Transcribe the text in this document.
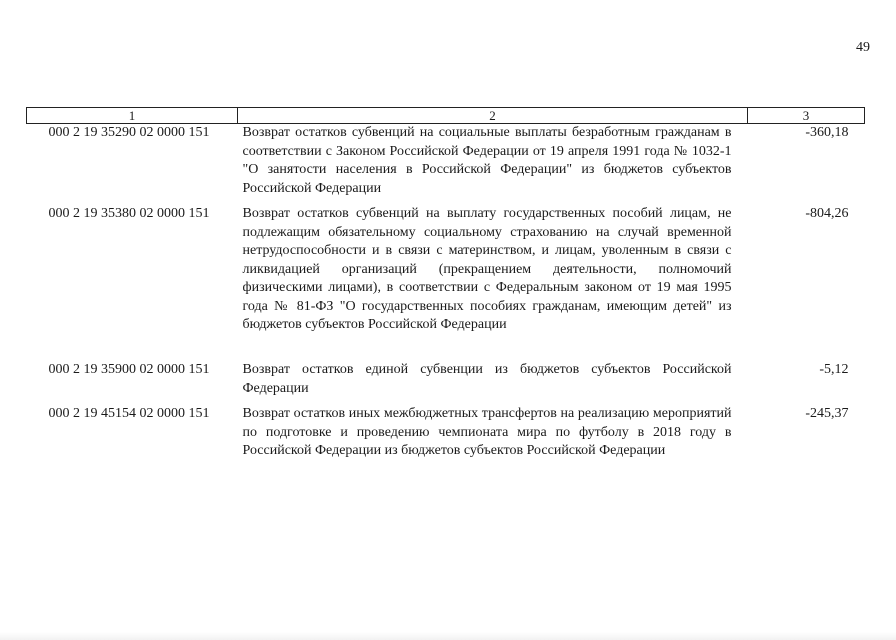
49
1	2	3
000 2 19 35290 02 0000 151	Возврат остатков субвенций на социальные выплаты безработным гражданам в соответствии с Законом Российской Федерации от 19 апреля 1991 года № 1032-1 "О занятости населения в Российской Федерации" из бюджетов субъектов Российской Федерации	-360,18
000 2 19 35380 02 0000 151	Возврат остатков субвенций на выплату государственных пособий лицам, не подлежащим обязательному социальному страхованию на случай временной нетрудоспособности и в связи с материнством, и лицам, уволенным в связи с ликвидацией организаций (прекращением деятельности, полномочий физическими лицами), в соответствии с Федеральным законом от 19 мая 1995 года № 81-ФЗ "О государственных пособиях гражданам, имеющим детей" из бюджетов субъектов Российской Федерации	-804,26
000 2 19 35900 02 0000 151	Возврат остатков единой субвенции из бюджетов субъектов Российской Федерации	-5,12
000 2 19 45154 02 0000 151	Возврат остатков иных межбюджетных трансфертов на реализацию мероприятий по подготовке и проведению чемпионата мира по футболу в 2018 году в Российской Федерации из бюджетов субъектов Российской Федерации	-245,37
